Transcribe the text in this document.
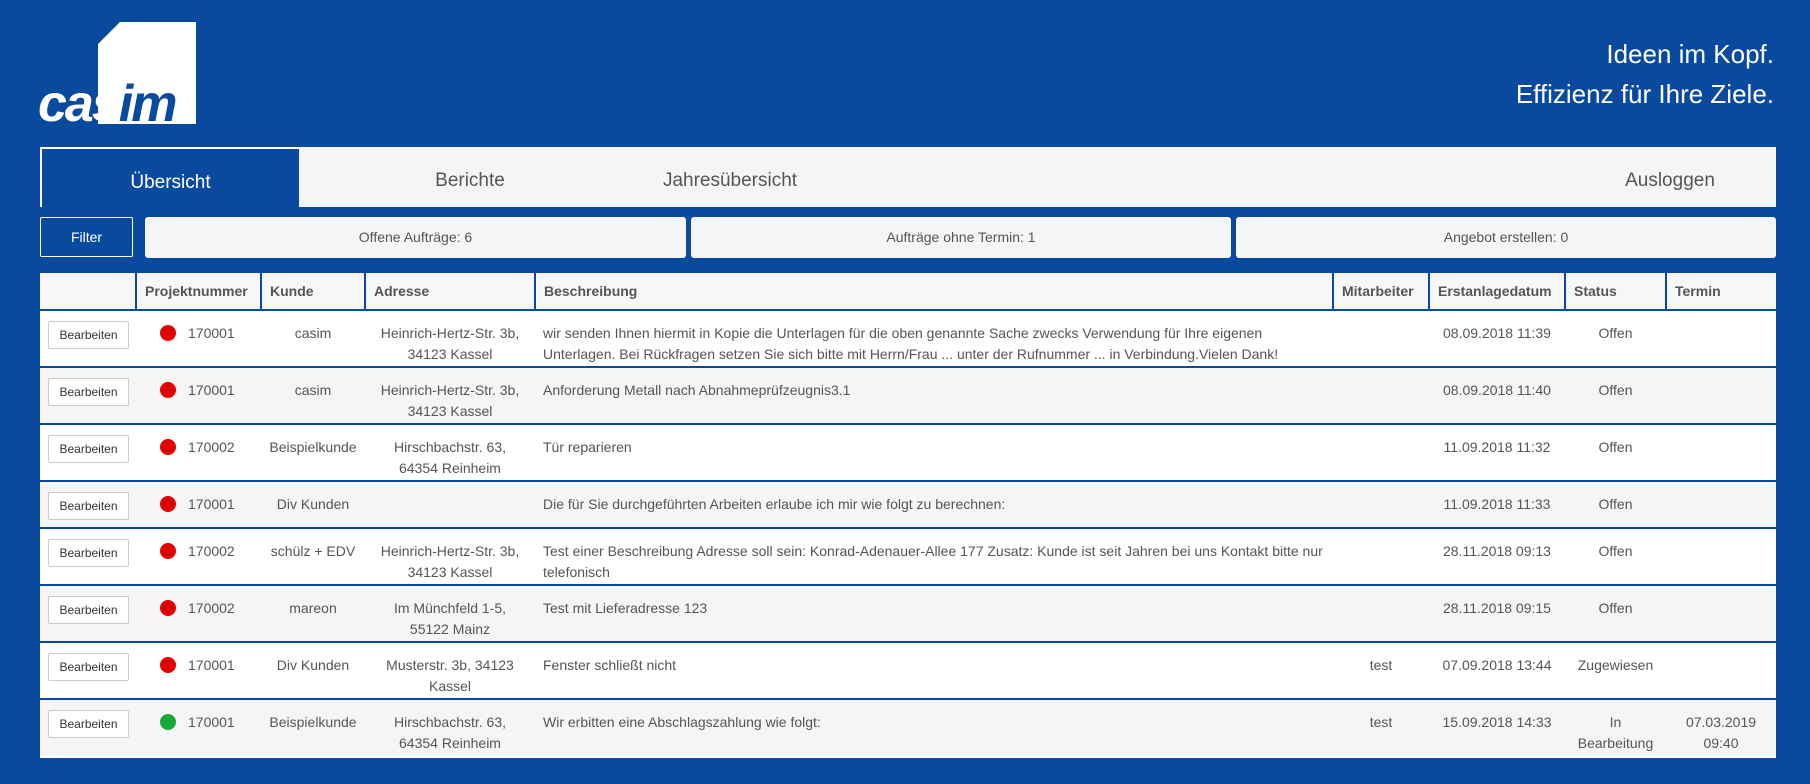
casim
Ideen im Kopf.
Effizienz für Ihre Ziele.
Übersicht	Berichte	Jahresübersicht	Ausloggen
Filter	Offene Aufträge: 6	Aufträge ohne Termin: 1	Angebot erstellen: 0
	Projektnummer	Kunde	Adresse	Beschreibung	Mitarbeiter	Erstanlagedatum	Status	Termin
Bearbeiten	170001	casim	Heinrich-Hertz-Str. 3b, 34123 Kassel	wir senden Ihnen hiermit in Kopie die Unterlagen für die oben genannte Sache zwecks Verwendung für Ihre eigenen Unterlagen. Bei Rückfragen setzen Sie sich bitte mit Herrn/Frau ... unter der Rufnummer ... in Verbindung.Vielen Dank!		08.09.2018 11:39	Offen	
Bearbeiten	170001	casim	Heinrich-Hertz-Str. 3b, 34123 Kassel	Anforderung Metall nach Abnahmeprüfzeugnis3.1		08.09.2018 11:40	Offen	
Bearbeiten	170002	Beispielkunde	Hirschbachstr. 63, 64354 Reinheim	Tür reparieren		11.09.2018 11:32	Offen	
Bearbeiten	170001	Div Kunden		Die für Sie durchgeführten Arbeiten erlaube ich mir wie folgt zu berechnen:		11.09.2018 11:33	Offen	
Bearbeiten	170002	schülz + EDV	Heinrich-Hertz-Str. 3b, 34123 Kassel	Test einer Beschreibung Adresse soll sein: Konrad-Adenauer-Allee 177 Zusatz: Kunde ist seit Jahren bei uns Kontakt bitte nur telefonisch		28.11.2018 09:13	Offen	
Bearbeiten	170002	mareon	Im Münchfeld 1-5, 55122 Mainz	Test mit Lieferadresse 123		28.11.2018 09:15	Offen	
Bearbeiten	170001	Div Kunden	Musterstr. 3b, 34123 Kassel	Fenster schließt nicht	test	07.09.2018 13:44	Zugewiesen	
Bearbeiten	170001	Beispielkunde	Hirschbachstr. 63, 64354 Reinheim	Wir erbitten eine Abschlagszahlung wie folgt:	test	15.09.2018 14:33	In Bearbeitung	07.03.2019 09:40
